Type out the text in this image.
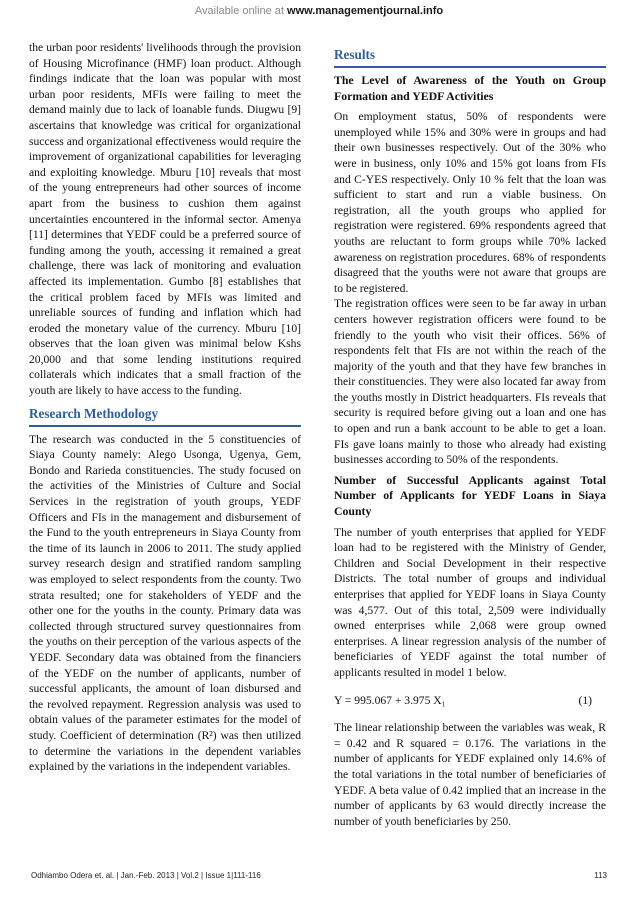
Available online at www.managementjournal.info

the urban poor residents' livelihoods through the provision of Housing Microfinance (HMF) loan product. Although findings indicate that the loan was popular with most urban poor residents, MFIs were failing to meet the demand mainly due to lack of loanable funds. Diugwu [9] ascertains that knowledge was critical for organizational success and organizational effectiveness would require the improvement of organizational capabilities for leveraging and exploiting knowledge. Mburu [10] reveals that most of the young entrepreneurs had other sources of income apart from the business to cushion them against uncertainties encountered in the informal sector. Amenya [11] determines that YEDF could be a preferred source of funding among the youth, accessing it remained a great challenge, there was lack of monitoring and evaluation affected its implementation. Gumbo [8] establishes that the critical problem faced by MFIs was limited and unreliable sources of funding and inflation which had eroded the monetary value of the currency. Mburu [10] observes that the loan given was minimal below Kshs 20,000 and that some lending institutions required collaterals which indicates that a small fraction of the youth are likely to have access to the funding.

Research Methodology

The research was conducted in the 5 constituencies of Siaya County namely: Alego Usonga, Ugenya, Gem, Bondo and Rarieda constituencies. The study focused on the activities of the Ministries of Culture and Social Services in the registration of youth groups, YEDF Officers and FIs in the management and disbursement of the Fund to the youth entrepreneurs in Siaya County from the time of its launch in 2006 to 2011. The study applied survey research design and stratified random sampling was employed to select respondents from the county. Two strata resulted; one for stakeholders of YEDF and the other one for the youths in the county. Primary data was collected through structured survey questionnaires from the youths on their perception of the various aspects of the YEDF. Secondary data was obtained from the financiers of the YEDF on the number of applicants, number of successful applicants, the amount of loan disbursed and the revolved repayment. Regression analysis was used to obtain values of the parameter estimates for the model of study. Coefficient of determination (R²) was then utilized to determine the variations in the dependent variables explained by the variations in the independent variables.

Results

The Level of Awareness of the Youth on Group Formation and YEDF Activities

On employment status, 50% of respondents were unemployed while 15% and 30% were in groups and had their own businesses respectively. Out of the 30% who were in business, only 10% and 15% got loans from FIs and C-YES respectively. Only 10 % felt that the loan was sufficient to start and run a viable business. On registration, all the youth groups who applied for registration were registered. 69% respondents agreed that youths are reluctant to form groups while 70% lacked awareness on registration procedures. 68% of respondents disagreed that the youths were not aware that groups are to be registered.

The registration offices were seen to be far away in urban centers however registration officers were found to be friendly to the youth who visit their offices. 56% of respondents felt that FIs are not within the reach of the majority of the youth and that they have few branches in their constituencies. They were also located far away from the youths mostly in District headquarters. FIs reveals that security is required before giving out a loan and one has to open and run a bank account to be able to get a loan. FIs gave loans mainly to those who already had existing businesses according to 50% of the respondents.

Number of Successful Applicants against Total Number of Applicants for YEDF Loans in Siaya County

The number of youth enterprises that applied for YEDF loan had to be registered with the Ministry of Gender, Children and Social Development in their respective Districts. The total number of groups and individual enterprises that applied for YEDF loans in Siaya County was 4,577. Out of this total, 2,509 were individually owned enterprises while 2,068 were group owned enterprises. A linear regression analysis of the number of beneficiaries of YEDF against the total number of applicants resulted in model 1 below.

Y = 995.067 + 3.975 X₁	(1)

The linear relationship between the variables was weak, R = 0.42 and R squared = 0.176. The variations in the number of applicants for YEDF explained only 14.6% of the total variations in the total number of beneficiaries of YEDF. A beta value of 0.42 implied that an increase in the number of applicants by 63 would directly increase the number of youth beneficiaries by 250.

Odhiambo Odera et. al. | Jan.-Feb. 2013 | Vol.2 | Issue 1|111-116	113
